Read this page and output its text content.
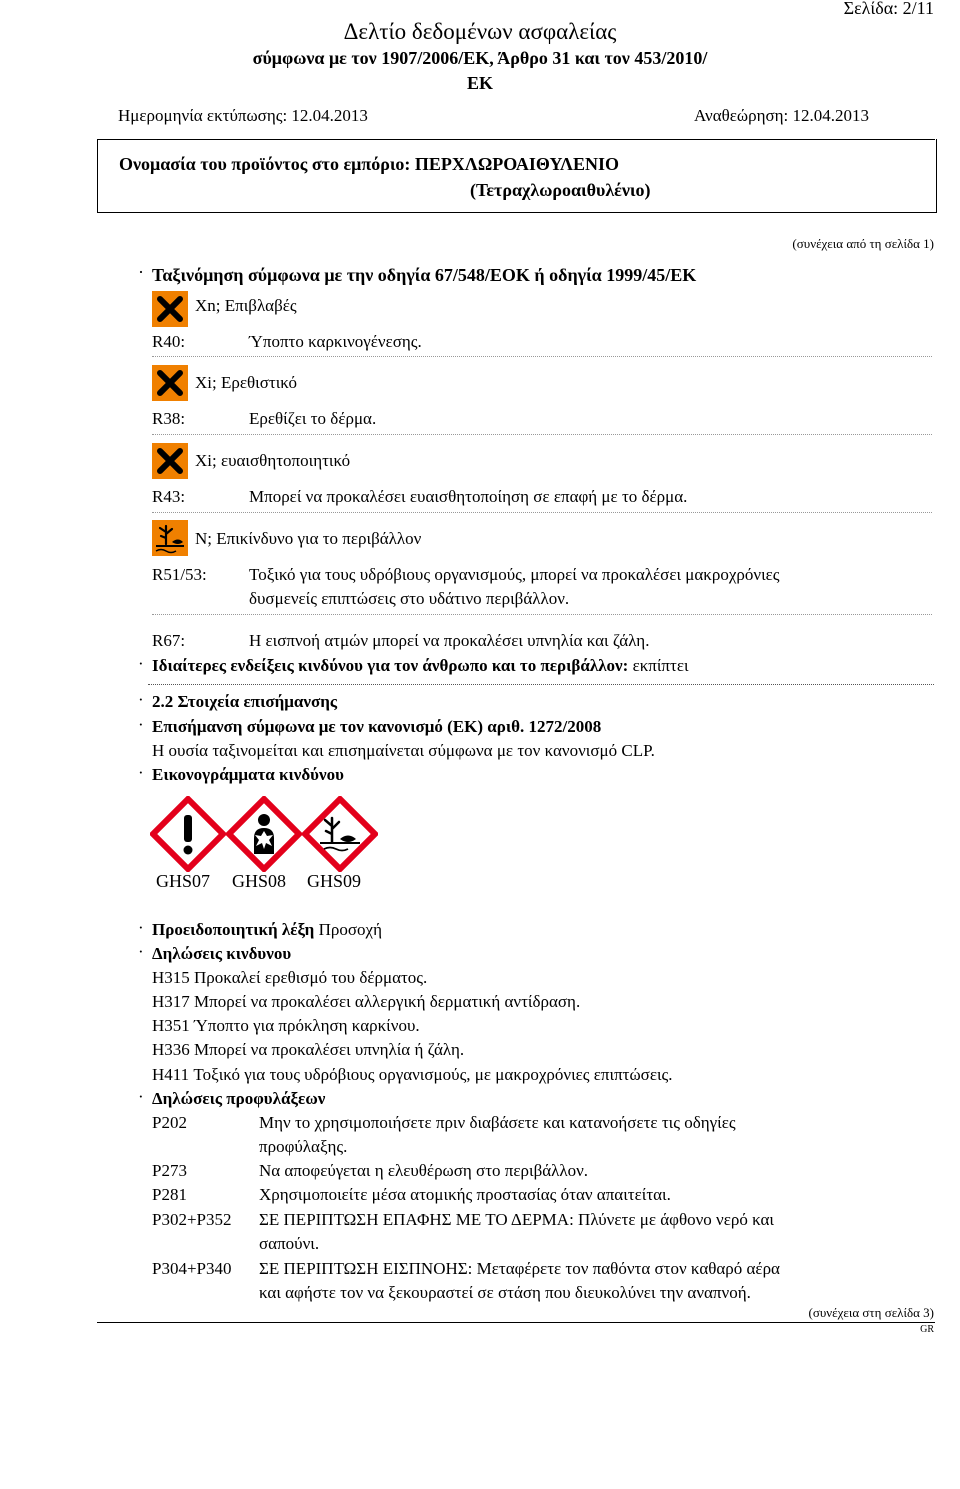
Σελίδα: 2/11
Δελτίο δεδομένων ασφαλείας
σύμφωνα με τον 1907/2006/ΕΚ, Άρθρο 31 και τον 453/2010/
ΕΚ
Ημερομηνία εκτύπωσης: 12.04.2013	Αναθεώρηση: 12.04.2013
Ονομασία του προϊόντος στο εμπόριο: ΠΕΡΧΛΩΡΟΑΙΘΥΛΕΝΙΟ
(Τετραχλωροαιθυλένιο)
(συνέχεια από τη σελίδα 1)
· Ταξινόμηση σύμφωνα με την οδηγία 67/548/ΕΟΚ ή οδηγία 1999/45/ΕΚ
Xn; Επιβλαβές
R40:	Ύποπτο καρκινογένεσης.
Xi; Ερεθιστικό
R38:	Ερεθίζει το δέρμα.
Xi; ευαισθητοποιητικό
R43:	Μπορεί να προκαλέσει ευαισθητοποίηση σε επαφή με το δέρμα.
N; Επικίνδυνο για το περιβάλλον
R51/53: Τοξικό για τους υδρόβιους οργανισμούς, μπορεί να προκαλέσει μακροχρόνιες
δυσμενείς επιπτώσεις στο υδάτινο περιβάλλον.
R67:	Η εισπνοή ατμών μπορεί να προκαλέσει υπνηλία και ζάλη.
· Ιδιαίτερες ενδείξεις κινδύνου για τον άνθρωπο και το περιβάλλον: εκπίπτει
· 2.2 Στοιχεία επισήμανσης
· Επισήμανση σύμφωνα με τον κανονισμό (ΕΚ) αριθ. 1272/2008
Η ουσία ταξινομείται και επισημαίνεται σύμφωνα με τον κανονισμό CLP.
· Εικονογράμματα κινδύνου
GHS07 GHS08 GHS09
· Προειδοποιητική λέξη Προσοχή
· Δηλώσεις κινδυνου
H315 Προκαλεί ερεθισμό του δέρματος.
H317 Μπορεί να προκαλέσει αλλεργική δερματική αντίδραση.
H351 Ύποπτο για πρόκληση καρκίνου.
H336 Μπορεί να προκαλέσει υπνηλία ή ζάλη.
H411 Τοξικό για τους υδρόβιους οργανισμούς, με μακροχρόνιες επιπτώσεις.
· Δηλώσεις προφυλάξεων
P202	Μην το χρησιμοποιήσετε πριν διαβάσετε και κατανοήσετε τις οδηγίες
προφύλαξης.
P273	Να αποφεύγεται η ελευθέρωση στο περιβάλλον.
P281	Χρησιμοποιείτε μέσα ατομικής προστασίας όταν απαιτείται.
P302+P352 ΣΕ ΠΕΡΙΠΤΩΣΗ ΕΠΑΦΗΣ ΜΕ ΤΟ ΔΕΡΜΑ: Πλύνετε με άφθονο νερό και
σαπούνι.
P304+P340 ΣΕ ΠΕΡΙΠΤΩΣΗ ΕΙΣΠΝΟΗΣ: Μεταφέρετε τον παθόντα στον καθαρό αέρα
και αφήστε τον να ξεκουραστεί σε στάση που διευκολύνει την αναπνοή.
(συνέχεια στη σελίδα 3)
GR
